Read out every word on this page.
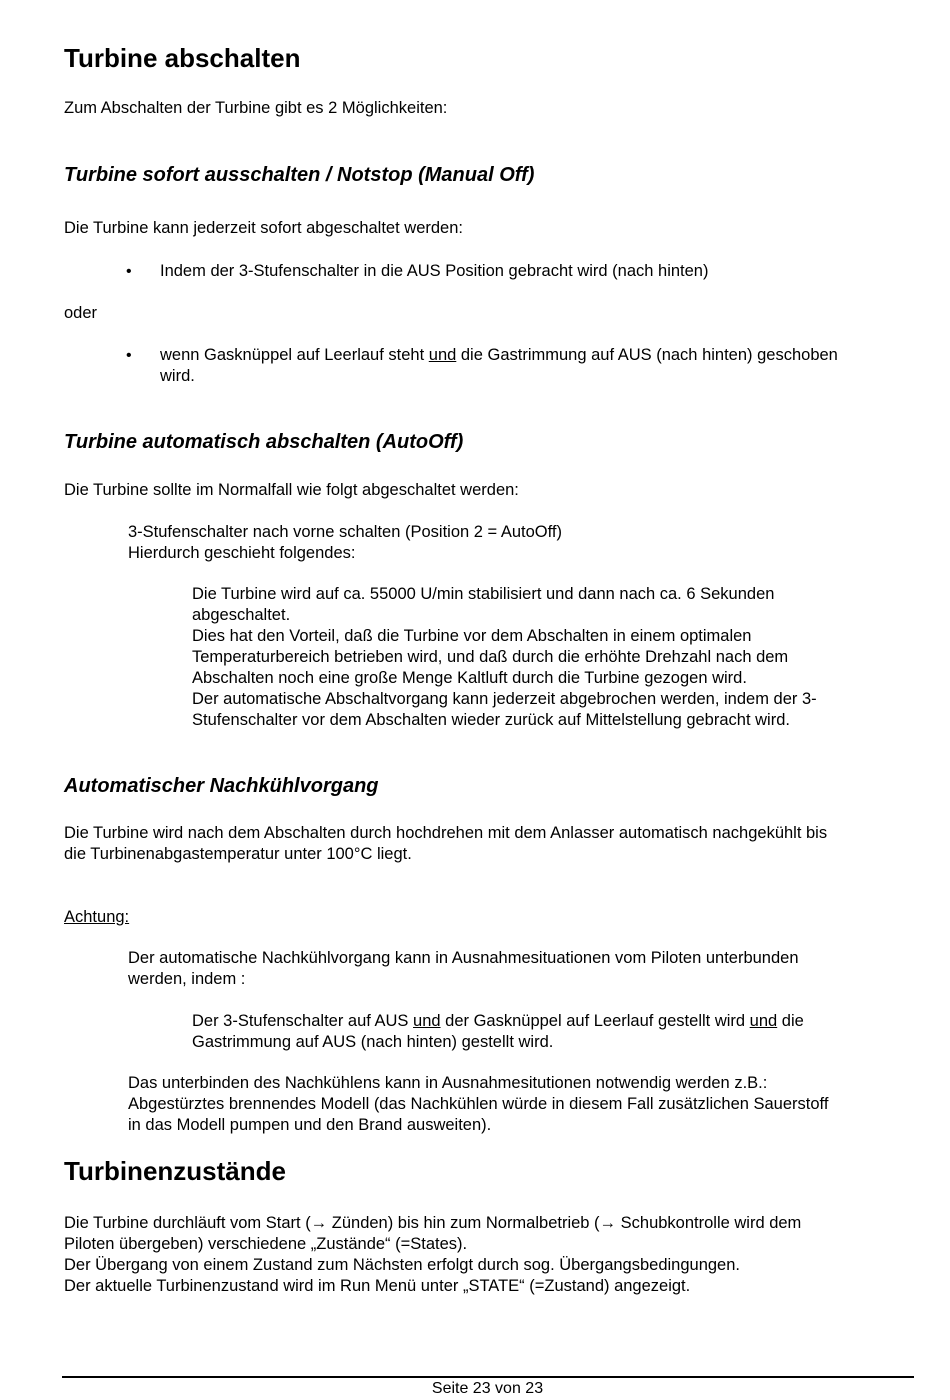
Turbine abschalten

Zum Abschalten der Turbine gibt es 2 Möglichkeiten:

Turbine sofort ausschalten / Notstop (Manual Off)

Die Turbine kann jederzeit sofort abgeschaltet werden:

• Indem der 3-Stufenschalter in die AUS Position gebracht wird (nach hinten)

oder

• wenn Gasknüppel auf Leerlauf steht und die Gastrimmung auf AUS (nach hinten) geschoben
wird.

Turbine automatisch abschalten (AutoOff)

Die Turbine sollte im Normalfall wie folgt abgeschaltet werden:

3-Stufenschalter nach vorne schalten (Position 2 = AutoOff)

Hierdurch geschieht folgendes:

Die Turbine wird auf ca. 55000 U/min stabilisiert und dann nach ca. 6 Sekunden

abgeschaltet.

Dies hat den Vorteil, daß die Turbine vor dem Abschalten in einem optimalen

Temperaturbereich betrieben wird, und daß durch die erhöhte Drehzahl nach dem

Abschalten noch eine große Menge Kaltluft durch die Turbine gezogen wird.

Der automatische Abschaltvorgang kann jederzeit abgebrochen werden, indem der 3-

Stufenschalter vor dem Abschalten wieder zurück auf Mittelstellung gebracht wird.

Automatischer Nachkühlvorgang

Die Turbine wird nach dem Abschalten durch hochdrehen mit dem Anlasser automatisch nachgekühlt bis

die Turbinenabgastemperatur unter 100°C liegt.

Achtung:

Der automatische Nachkühlvorgang kann in Ausnahmesituationen vom Piloten unterbunden

werden, indem :

Der 3-Stufenschalter auf AUS und der Gasknüppel auf Leerlauf gestellt wird und die

Gastrimmung auf AUS (nach hinten) gestellt wird.

Das unterbinden des Nachkühlens kann in Ausnahmesitutionen notwendig werden z.B.:

Abgestürztes brennendes Modell (das Nachkühlen würde in diesem Fall zusätzlichen Sauerstoff

in das Modell pumpen und den Brand ausweiten).

Turbinenzustände

Die Turbine durchläuft vom Start (→ Zünden) bis hin zum Normalbetrieb (→ Schubkontrolle wird dem

Piloten übergeben) verschiedene „Zustände“ (=States).

Der Übergang von einem Zustand zum Nächsten erfolgt durch sog. Übergangsbedingungen.

Der aktuelle Turbinenzustand wird im Run Menü unter „STATE“ (=Zustand) angezeigt.

Seite 23 von 23
